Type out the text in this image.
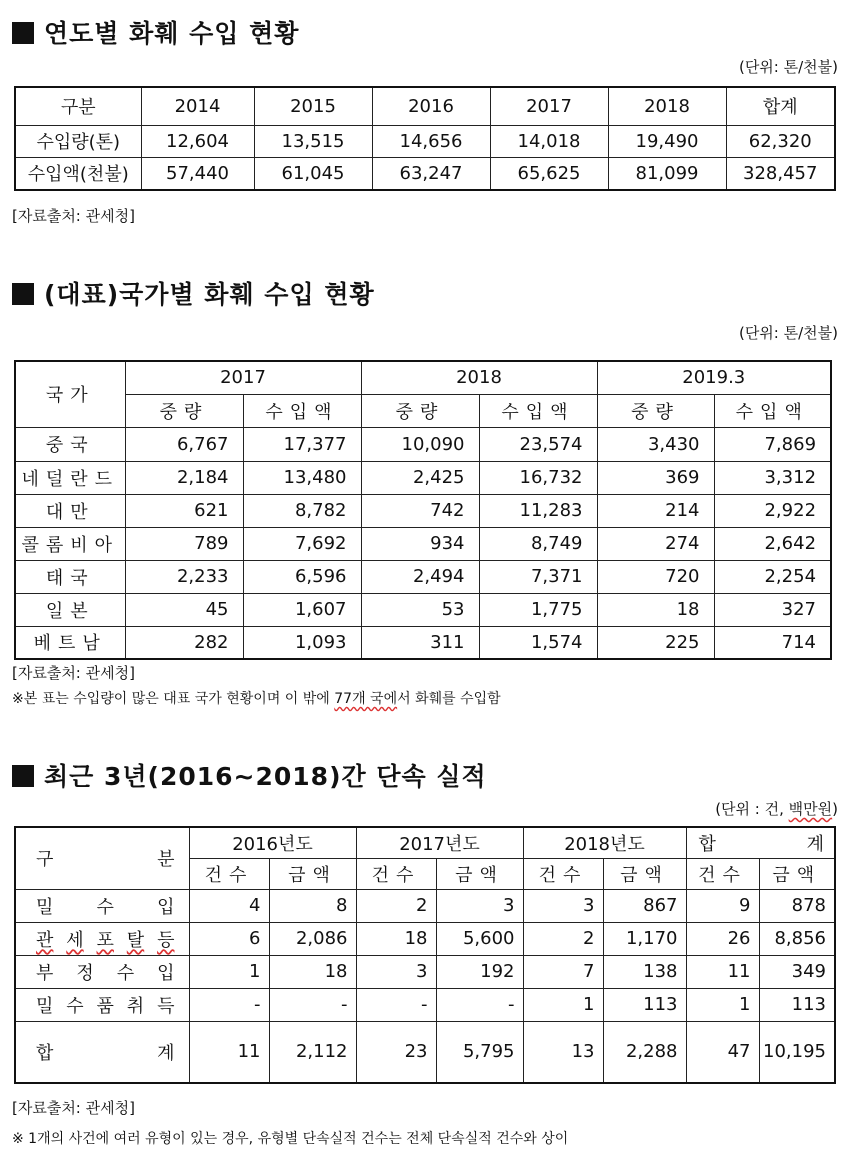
연도별 화훼 수입 현황
(단위: 톤/천불)
구분	2014	2015	2016	2017	2018	합계
수입량(톤)	12,604	13,515	14,656	14,018	19,490	62,320
수입액(천불)	57,440	61,045	63,247	65,625	81,099	328,457
[자료출처: 관세청]
(대표)국가별 화훼 수입 현황
(단위: 톤/천불)
국가	2017		2018		2019.3	
	중량	수입액	중량	수입액	중량	수입액
중국	6,767	17,377	10,090	23,574	3,430	7,869
네덜란드	2,184	13,480	2,425	16,732	369	3,312
대만	621	8,782	742	11,283	214	2,922
콜롬비아	789	7,692	934	8,749	274	2,642
태국	2,233	6,596	2,494	7,371	720	2,254
일본	45	1,607	53	1,775	18	327
베트남	282	1,093	311	1,574	225	714
[자료출처: 관세청]
※본 표는 수입량이 많은 대표 국가 현황이며 이 밖에 77개 국에서 화훼를 수입함
최근 3년(2016~2018)간 단속 실적
(단위 : 건, 백만원)
구 분	2016년도		2017년도		2018년도		합 계	

	건수	금액	건수	금액	건수	금액	건수	금액

밀 수 입	4	8	2	3	3	867	9	878

관 세 포 탈 등	6	2,086	18	5,600	2	1,170	26	8,856

부 정 수 입	1	18	3	192	7	138	11	349

밀 수 품 취 득	-	-	-	-	1	113	1	113

합 계	11	2,112	23	5,795	13	2,288	47	10,195
[자료출처: 관세청]
※ 1개의 사건에 여러 유형이 있는 경우, 유형별 단속실적 건수는 전체 단속실적 건수와 상이
